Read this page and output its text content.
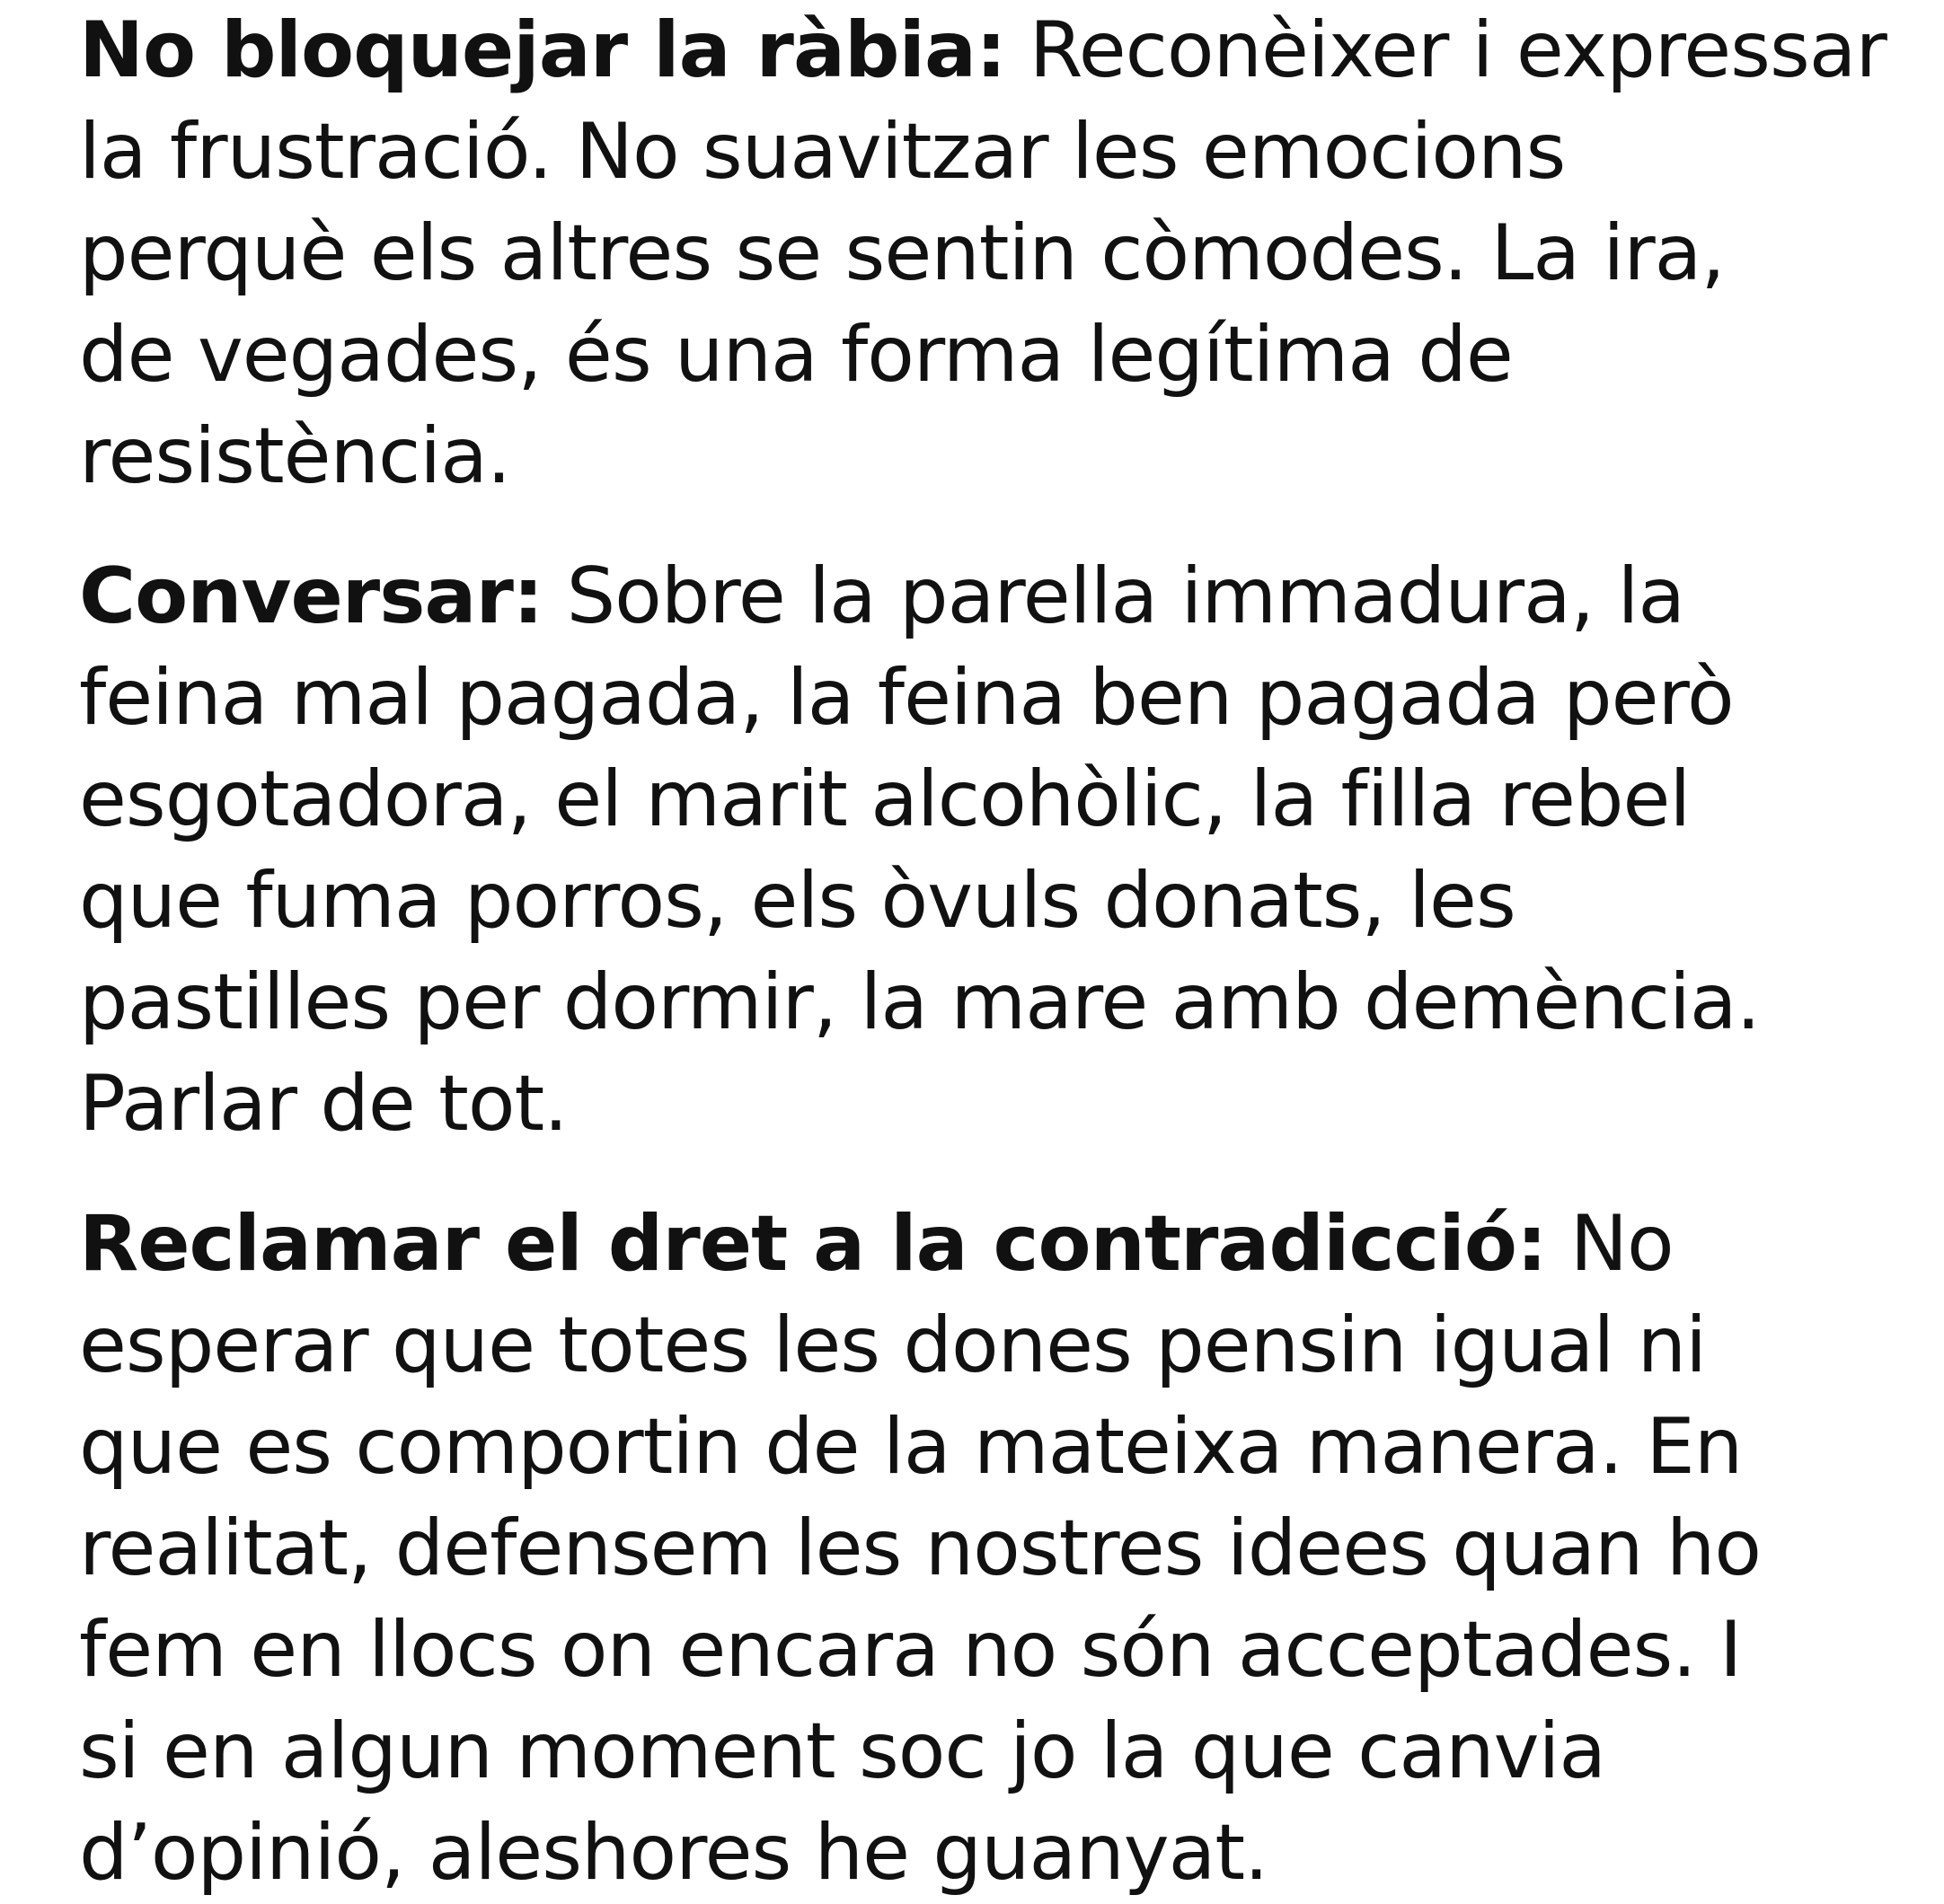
No bloquejar la ràbia: Reconèixer i expressar
la frustració. No suavitzar les emocions
perquè els altres se sentin còmodes. La ira,
de vegades, és una forma legítima de
resistència.
Conversar: Sobre la parella immadura, la
feina mal pagada, la feina ben pagada però
esgotadora, el marit alcohòlic, la filla rebel
que fuma porros, els òvuls donats, les
pastilles per dormir, la mare amb demència.
Parlar de tot.
Reclamar el dret a la contradicció: No
esperar que totes les dones pensin igual ni
que es comportin de la mateixa manera. En
realitat, defensem les nostres idees quan ho
fem en llocs on encara no són acceptades. I
si en algun moment soc jo la que canvia
d’opinió, aleshores he guanyat.
